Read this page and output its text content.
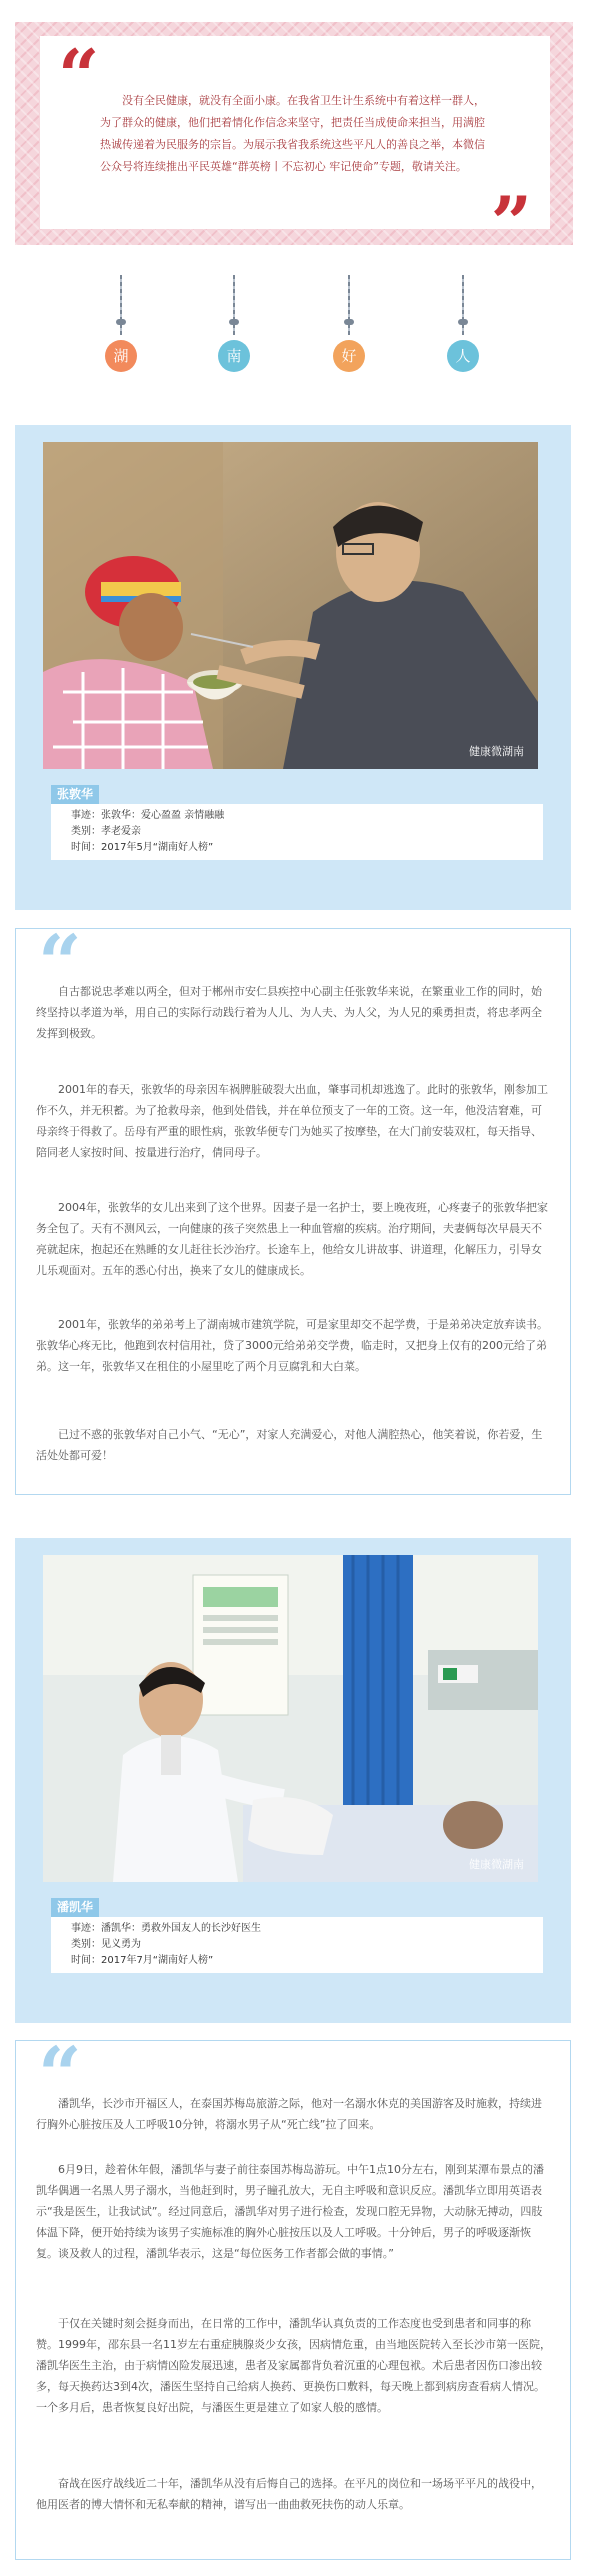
“	没有全民健康，就没有全面小康。在我省卫生计生系统中有着这样一群人，为了群众的健康，他们把着情化作信念来坚守，把责任当成使命来担当，用满腔热诚传递着为民服务的宗旨。为展示我省我系统这些平凡人的善良之举，本微信公众号将连续推出平民英雄“群英榜丨不忘初心 牢记使命”专题，敬请关注。
”
湖	南	好	人
健康微湖南
张敦华
事迹：张敦华：爱心盈盈 亲情融融
类别：孝老爱亲
时间：2017年5月“湖南好人榜”
“
自古都说忠孝难以两全，但对于郴州市安仁县疾控中心副主任张敦华来说，在繁重业工作的同时，始终坚持以孝道为举，用自己的实际行动践行着为人儿、为人夫、为人父，为人兄的乘勇担责，将忠孝两全发挥到极致。
2001年的春天，张敦华的母亲因车祸脾脏破裂大出血，肇事司机却逃逸了。此时的张敦华，刚参加工作不久，并无积蓄。为了抢救母亲，他到处借钱，并在单位预支了一年的工资。这一年，他没洁窘难，可母亲终于得救了。岳母有严重的眼性病，张敦华便专门为她买了按摩垫，在大门前安装双杠，每天指导、陪同老人家按时间、按量进行治疗，倩同母子。
2004年，张敦华的女儿出来到了这个世界。因妻子是一名护士，要上晚夜班，心疼妻子的张敦华把家务全包了。天有不测风云，一向健康的孩子突然患上一种血管瘤的疾病。治疗期间，夫妻俩每次早晨天不亮就起床，抱起还在熟睡的女儿赶往长沙治疗。长途车上，他给女儿讲故事、讲道理，化解压力，引导女儿乐观面对。五年的悉心付出，换来了女儿的健康成长。
2001年，张敦华的弟弟考上了湖南城市建筑学院，可是家里却交不起学费，于是弟弟决定放弃读书。张敦华心疼无比，他跑到农村信用社，贷了3000元给弟弟交学费，临走时，又把身上仅有的200元给了弟弟。这一年，张敦华又在租住的小屋里吃了两个月豆腐乳和大白菜。
已过不惑的张敦华对自己小气、“无心”，对家人充满爱心，对他人满腔热心，他笑着说，你若爱，生活处处都可爱！
健康微湖南
潘凯华
事迹：潘凯华：勇救外国友人的长沙好医生
类别：见义勇为
时间：2017年7月“湖南好人榜”
“
潘凯华，长沙市开福区人，在泰国苏梅岛旅游之际，他对一名溺水休克的美国游客及时施救，持续进行胸外心脏按压及人工呼吸10分钟，将溺水男子从“死亡线”拉了回来。
6月9日，趁着休年假，潘凯华与妻子前往泰国苏梅岛游玩。中午1点10分左右，刚到某潭布景点的潘凯华偶遇一名黑人男子溺水，当他赶到时，男子瞳孔放大，无自主呼吸和意识反应。潘凯华立即用英语表示“我是医生，让我试试”。经过同意后，潘凯华对男子进行检查，发现口腔无异物，大动脉无搏动，四肢体温下降，便开始持续为该男子实施标准的胸外心脏按压以及人工呼吸。十分钟后，男子的呼吸逐渐恢复。谈及救人的过程，潘凯华表示，这是“每位医务工作者都会做的事情。”
于仅在关键时刻会挺身而出，在日常的工作中，潘凯华认真负责的工作态度也受到患者和同事的称赞。1999年，邵东县一名11岁左右重症胰腺炎少女孩，因病情危重，由当地医院转入至长沙市第一医院，潘凯华医生主治，由于病情凶险发展迅速，患者及家属都背负着沉重的心理包袱。术后患者因伤口渗出较多，每天换药达3到4次，潘医生坚持自己给病人换药、更换伤口敷料，每天晚上都到病房查看病人情况。一个多月后，患者恢复良好出院，与潘医生更是建立了如家人般的感情。
奋战在医疗战线近二十年，潘凯华从没有后悔自己的选择。在平凡的岗位和一场场平平凡的战役中，他用医者的博大情怀和无私奉献的精神，谱写出一曲曲救死扶伤的动人乐章。
